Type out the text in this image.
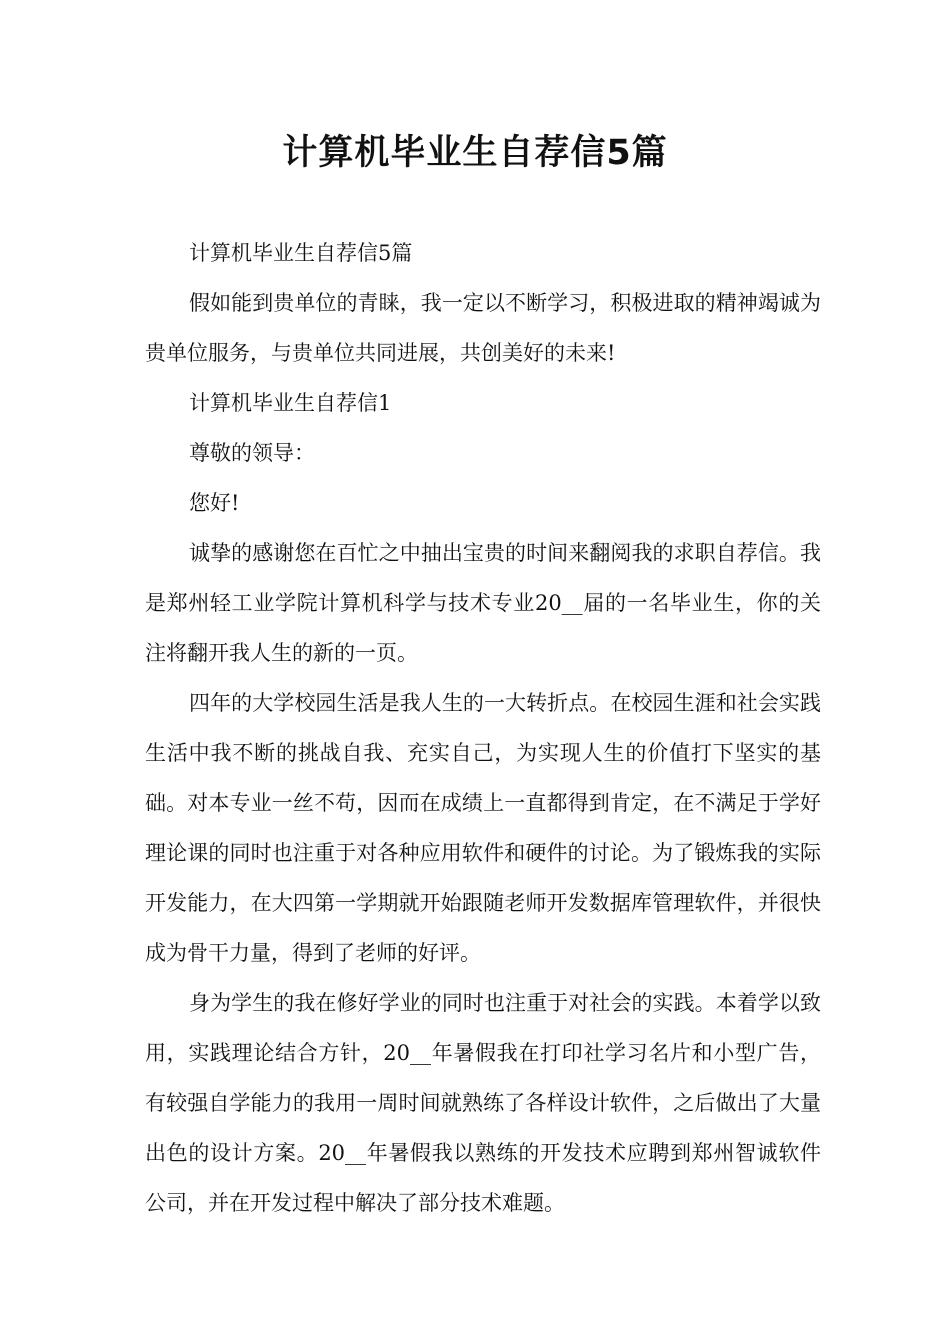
计算机毕业生自荐信5篇

计算机毕业生自荐信5篇

假如能到贵单位的青睐，我一定以不断学习，积极进取的精神竭诚为贵单位服务，与贵单位共同进展，共创美好的未来!

计算机毕业生自荐信1

尊敬的领导：

您好!

诚挚的感谢您在百忙之中抽出宝贵的时间来翻阅我的求职自荐信。我是郑州轻工业学院计算机科学与技术专业20__届的一名毕业生，你的关注将翻开我人生的新的一页。

四年的大学校园生活是我人生的一大转折点。在校园生涯和社会实践生活中我不断的挑战自我、充实自己，为实现人生的价值打下坚实的基础。对本专业一丝不苟，因而在成绩上一直都得到肯定，在不满足于学好理论课的同时也注重于对各种应用软件和硬件的讨论。为了锻炼我的实际开发能力，在大四第一学期就开始跟随老师开发数据库管理软件，并很快成为骨干力量，得到了老师的好评。

身为学生的我在修好学业的同时也注重于对社会的实践。本着学以致用，实践理论结合方针，20__年暑假我在打印社学习名片和小型广告，有较强自学能力的我用一周时间就熟练了各样设计软件，之后做出了大量出色的设计方案。20__年暑假我以熟练的开发技术应聘到郑州智诚软件公司，并在开发过程中解决了部分技术难题。
